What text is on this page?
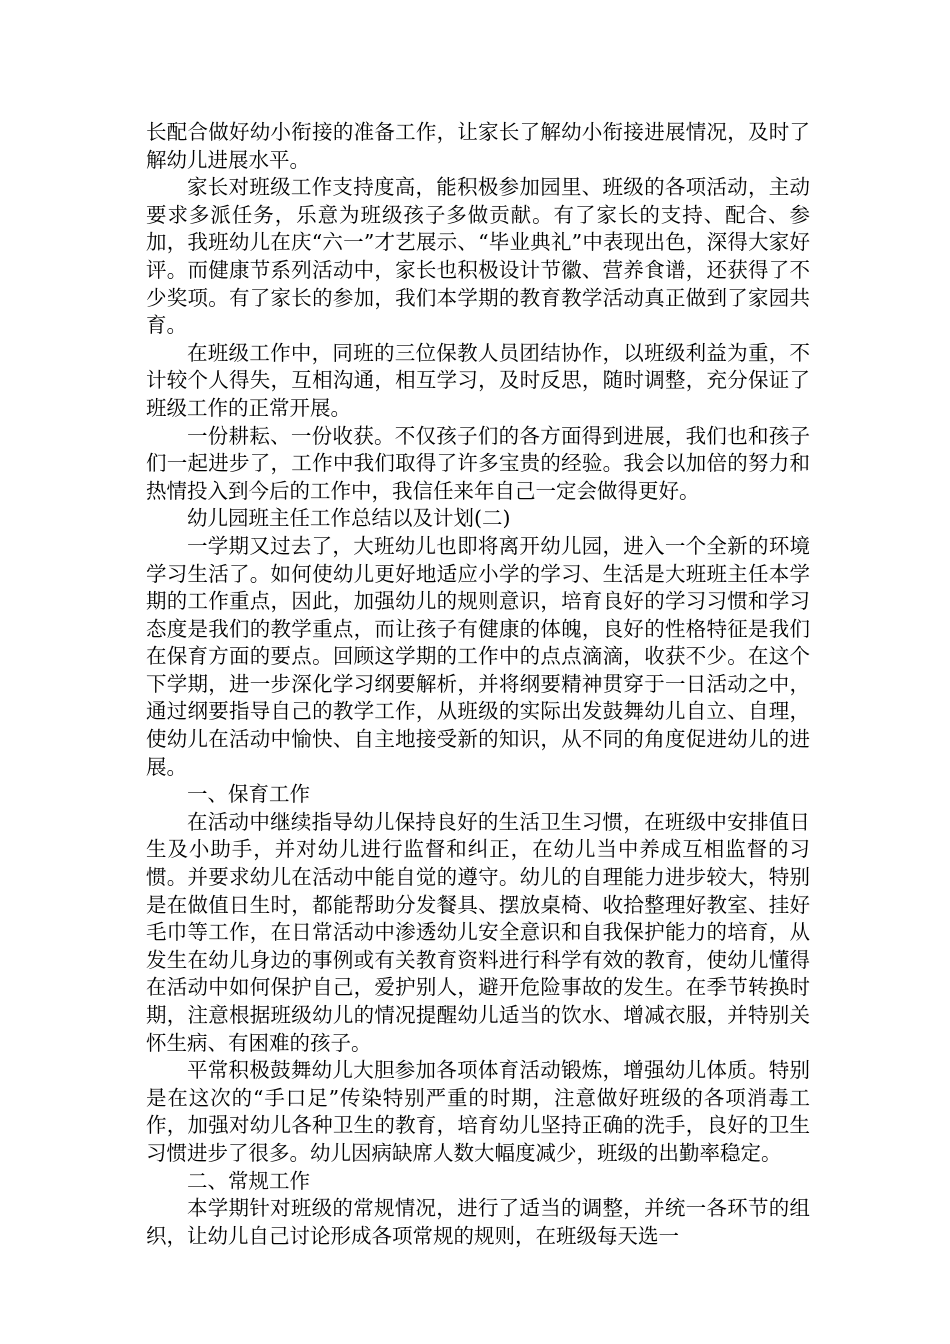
长配合做好幼小衔接的准备工作，让家长了解幼小衔接进展情况，及时了解幼儿进展水平。

家长对班级工作支持度高，能积极参加园里、班级的各项活动，主动要求多派任务，乐意为班级孩子多做贡献。有了家长的支持、配合、参加，我班幼儿在庆“六一”才艺展示、“毕业典礼”中表现出色，深得大家好评。而健康节系列活动中，家长也积极设计节徽、营养食谱，还获得了不少奖项。有了家长的参加，我们本学期的教育教学活动真正做到了家园共育。

在班级工作中，同班的三位保教人员团结协作，以班级利益为重，不计较个人得失，互相沟通，相互学习，及时反思，随时调整，充分保证了班级工作的正常开展。

一份耕耘、一份收获。不仅孩子们的各方面得到进展，我们也和孩子们一起进步了，工作中我们取得了许多宝贵的经验。我会以加倍的努力和热情投入到今后的工作中，我信任来年自己一定会做得更好。

幼儿园班主任工作总结以及计划(二)

一学期又过去了，大班幼儿也即将离开幼儿园，进入一个全新的环境学习生活了。如何使幼儿更好地适应小学的学习、生活是大班班主任本学期的工作重点，因此，加强幼儿的规则意识，培育良好的学习习惯和学习态度是我们的教学重点，而让孩子有健康的体魄，良好的性格特征是我们在保育方面的要点。回顾这学期的工作中的点点滴滴，收获不少。在这个下学期，进一步深化学习纲要解析，并将纲要精神贯穿于一日活动之中，通过纲要指导自己的教学工作，从班级的实际出发鼓舞幼儿自立、自理，使幼儿在活动中愉快、自主地接受新的知识，从不同的角度促进幼儿的进展。

一、保育工作

在活动中继续指导幼儿保持良好的生活卫生习惯，在班级中安排值日生及小助手，并对幼儿进行监督和纠正，在幼儿当中养成互相监督的习惯。并要求幼儿在活动中能自觉的遵守。幼儿的自理能力进步较大，特别是在做值日生时，都能帮助分发餐具、摆放桌椅、收拾整理好教室、挂好毛巾等工作，在日常活动中渗透幼儿安全意识和自我保护能力的培育，从发生在幼儿身边的事例或有关教育资料进行科学有效的教育，使幼儿懂得在活动中如何保护自己，爱护别人，避开危险事故的发生。在季节转换时期，注意根据班级幼儿的情况提醒幼儿适当的饮水、增减衣服，并特别关怀生病、有困难的孩子。

平常积极鼓舞幼儿大胆参加各项体育活动锻炼，增强幼儿体质。特别是在这次的“手口足”传染特别严重的时期，注意做好班级的各项消毒工作，加强对幼儿各种卫生的教育，培育幼儿坚持正确的洗手，良好的卫生习惯进步了很多。幼儿因病缺席人数大幅度减少，班级的出勤率稳定。

二、常规工作

本学期针对班级的常规情况，进行了适当的调整，并统一各环节的组织，让幼儿自己讨论形成各项常规的规则，在班级每天选一
